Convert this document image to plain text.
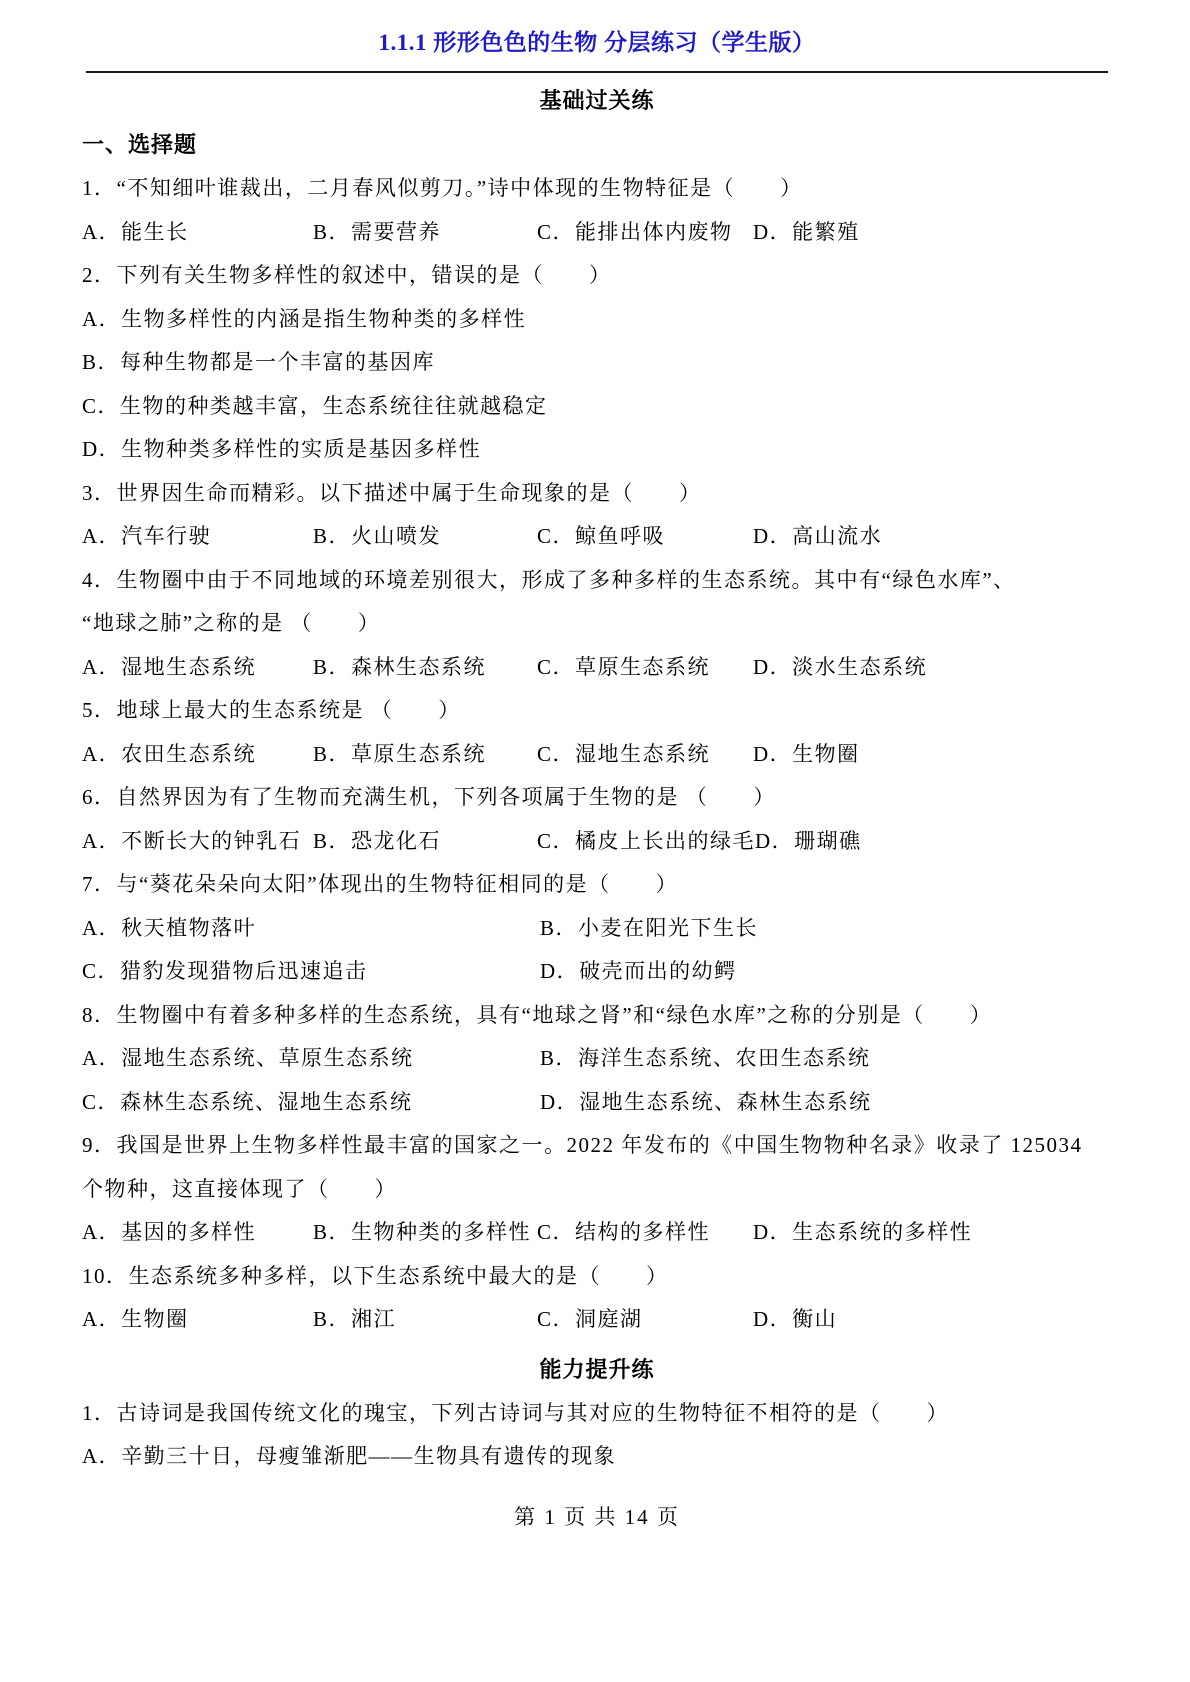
1.1.1 形形色色的生物 分层练习（学生版）
基础过关练
一、选择题

1．“不知细叶谁裁出，二月春风似剪刀。”诗中体现的生物特征是（　　）

A．能生长	B．需要营养	C．能排出体内废物 D．能繁殖

2．下列有关生物多样性的叙述中，错误的是（　　）

A．生物多样性的内涵是指生物种类的多样性
B．每种生物都是一个丰富的基因库
C．生物的种类越丰富，生态系统往往就越稳定
D．生物种类多样性的实质是基因多样性

3．世界因生命而精彩。以下描述中属于生命现象的是（　　）

A．汽车行驶	B．火山喷发	C．鲸鱼呼吸	D．高山流水

4．生物圈中由于不同地域的环境差别很大，形成了多种多样的生态系统。其中有“绿色水库”、
“地球之肺”之称的是 （　　）

A．湿地生态系统	B．森林生态系统	C．草原生态系统	D．淡水生态系统

5．地球上最大的生态系统是 （　　）

A．农田生态系统	B．草原生态系统	C．湿地生态系统	D．生物圈

6．自然界因为有了生物而充满生机，下列各项属于生物的是 （　　）

A．不断长大的钟乳石 B．恐龙化石	C．橘皮上长出的绿毛 D．珊瑚礁

7．与“葵花朵朵向太阳”体现出的生物特征相同的是（　　）

A．秋天植物落叶	B．小麦在阳光下生长
C．猎豹发现猎物后迅速追击	D．破壳而出的幼鳄

8．生物圈中有着多种多样的生态系统，具有“地球之肾”和“绿色水库”之称的分别是（　　）

A．湿地生态系统、草原生态系统	B．海洋生态系统、农田生态系统
C．森林生态系统、湿地生态系统	D．湿地生态系统、森林生态系统

9．我国是世界上生物多样性最丰富的国家之一。2022 年发布的《中国生物物种名录》收录了 125034
个物种，这直接体现了（　　）

A．基因的多样性	B．生物种类的多样性 C．结构的多样性	D．生态系统的多样性

10．生态系统多种多样，以下生态系统中最大的是（　　）

A．生物圈	B．湘江	C．洞庭湖	D．衡山
能力提升练

1．古诗词是我国传统文化的瑰宝，下列古诗词与其对应的生物特征不相符的是（　　）

A．辛勤三十日，母瘦雏渐肥——生物具有遗传的现象
第 1 页 共 14 页
